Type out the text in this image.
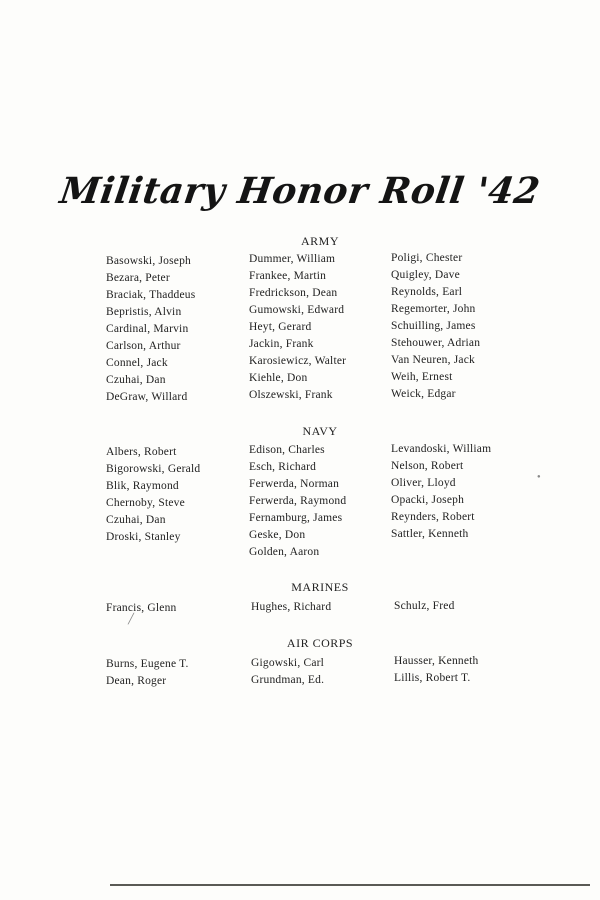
Military Honor Roll '42
ARMY
Basowski, Joseph
Bezara, Peter
Braciak, Thaddeus
Bepristis, Alvin
Cardinal, Marvin
Carlson, Arthur
Connel, Jack
Czuhai, Dan
DeGraw, Willard
Dummer, William
Frankee, Martin
Fredrickson, Dean
Gumowski, Edward
Heyt, Gerard
Jackin, Frank
Karosiewicz, Walter
Kiehle, Don
Olszewski, Frank
Poligi, Chester
Quigley, Dave
Reynolds, Earl
Regemorter, John
Schuilling, James
Stehouwer, Adrian
Van Neuren, Jack
Weih, Ernest
Weick, Edgar
NAVY
Albers, Robert
Bigorowski, Gerald
Blik, Raymond
Chernoby, Steve
Czuhai, Dan
Droski, Stanley
Edison, Charles
Esch, Richard
Ferwerda, Norman
Ferwerda, Raymond
Fernamburg, James
Geske, Don
Golden, Aaron
Levandoski, William
Nelson, Robert
Oliver, Lloyd
Opacki, Joseph
Reynders, Robert
Sattler, Kenneth
MARINES
Francis, Glenn	Hughes, Richard	Schulz, Fred
AIR CORPS
Burns, Eugene T.
Dean, Roger
Gigowski, Carl
Grundman, Ed.
Hausser, Kenneth
Lillis, Robert T.
╱
●
